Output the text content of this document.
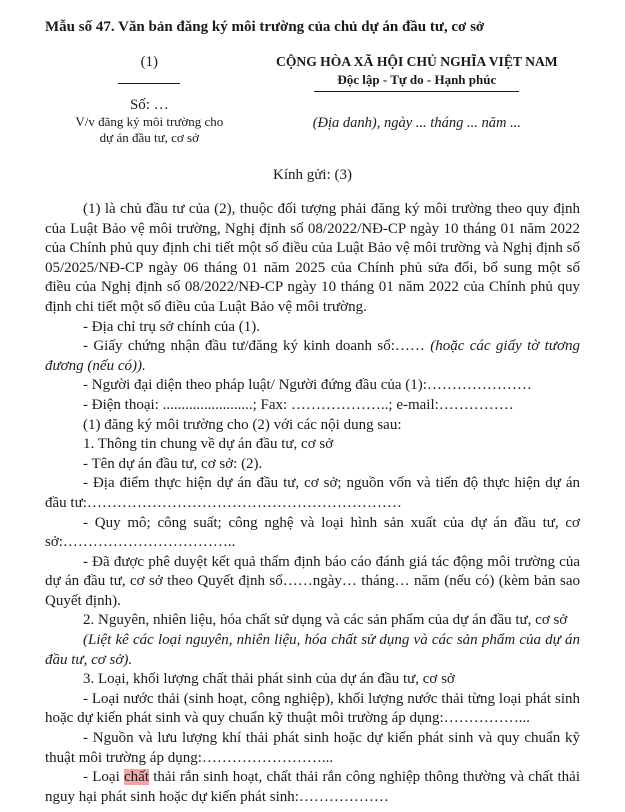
Mẫu số 47. Văn bản đăng ký môi trường của chủ dự án đầu tư, cơ sở

(1)
Số: …
V/v đăng ký môi trường cho
dự án đầu tư, cơ sở
CỘNG HÒA XÃ HỘI CHỦ NGHĨA VIỆT NAM
Độc lập - Tự do - Hạnh phúc
(Địa danh), ngày ... tháng ... năm ...
Kính gửi: (3)

(1) là chủ đầu tư của (2), thuộc đối tượng phải đăng ký môi trường theo quy định của Luật Bảo vệ môi trường, Nghị định số 08/2022/NĐ-CP ngày 10 tháng 01 năm 2022 của Chính phủ quy định chi tiết một số điều của Luật Bảo vệ môi trường và Nghị định số 05/2025/NĐ-CP ngày 06 tháng 01 năm 2025 của Chính phủ sửa đổi, bổ sung một số điều của Nghị định số 08/2022/NĐ-CP ngày 10 tháng 01 năm 2022 của Chính phủ quy định chi tiết một số điều của Luật Bảo vệ môi trường.

- Địa chỉ trụ sở chính của (1).

- Giấy chứng nhận đầu tư/đăng ký kinh doanh số:…… (hoặc các giấy tờ tương đương (nếu có)).

- Người đại diện theo pháp luật/ Người đứng đầu của (1):…………………

- Điện thoại: ........................; Fax: ………………..; e-mail:……………

(1) đăng ký môi trường cho (2) với các nội dung sau:

1. Thông tin chung về dự án đầu tư, cơ sở

- Tên dự án đầu tư, cơ sở: (2).

- Địa điểm thực hiện dự án đầu tư, cơ sở; nguồn vốn và tiến độ thực hiện dự án đầu tư:………………………………………………………

- Quy mô; công suất; công nghệ và loại hình sản xuất của dự án đầu tư, cơ sở:……………………………..

- Đã được phê duyệt kết quả thẩm định báo cáo đánh giá tác động môi trường của dự án đầu tư, cơ sở theo Quyết định số……ngày… tháng… năm (nếu có) (kèm bản sao Quyết định).

2. Nguyên, nhiên liệu, hóa chất sử dụng và các sản phẩm của dự án đầu tư, cơ sở

(Liệt kê các loại nguyên, nhiên liệu, hóa chất sử dụng và các sản phẩm của dự án đầu tư, cơ sở).

3. Loại, khối lượng chất thải phát sinh của dự án đầu tư, cơ sở

- Loại nước thải (sinh hoạt, công nghiệp), khối lượng nước thải từng loại phát sinh hoặc dự kiến phát sinh và quy chuẩn kỹ thuật môi trường áp dụng:……………...

- Nguồn và lưu lượng khí thải phát sinh hoặc dự kiến phát sinh và quy chuẩn kỹ thuật môi trường áp dụng:……………………...

- Loại chất thải rắn sinh hoạt, chất thải rắn công nghiệp thông thường và chất thải nguy hại phát sinh hoặc dự kiến phát sinh:………………
